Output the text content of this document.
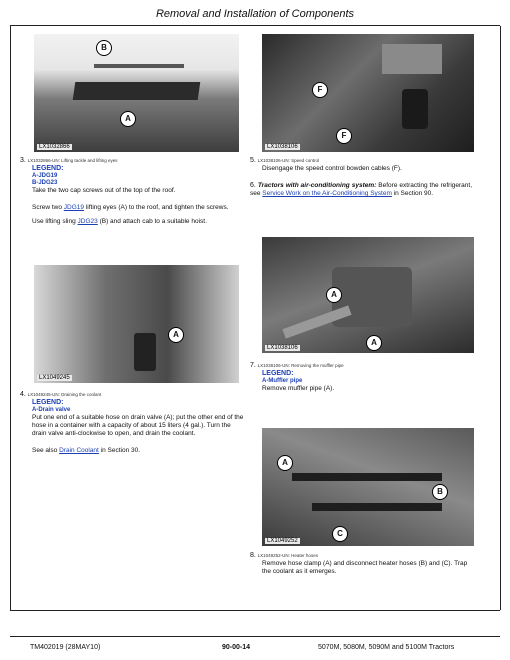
Removal and Installation of Components
B
A
LX1032866
F
F
LX1038106
3. LX1032866-UN: Lifting tackle and lifting eyes
LEGEND:
A-JDG19
B-JDG23
Take the two cap screws out of the top of the roof.
Screw two JDG19 lifting eyes (A) to the roof, and tighten the screws.
Use lifting sling JDG23 (B) and attach cab to a suitable hoist.
5. LX1038106-UN: Speed control
Disengage the speed control bowden cables (F).
6. Tractors with air-conditioning system: Before extracting the refrigerant, see Service Work on the Air-Conditioning System in Section 90.
A
LX1049245
A
A
LX1038106
7. LX1038106-UN: Removing the muffler pipe
LEGEND:
A-Muffler pipe
Remove muffler pipe (A).
4. LX1049245-UN: Draining the coolant
LEGEND:
A-Drain valve
Put one end of a suitable hose on drain valve (A); put the other end of the hose in a container with a capacity of about 15 liters (4 gal.). Turn the drain valve anti-clockwise to open, and drain the coolant.
See also Drain Coolant in Section 30.
A
B
C
LX1049252
8. LX1049252-UN: Heater hoses
Remove hose clamp (A) and disconnect heater hoses (B) and (C). Trap the coolant as it emerges.
TM402019 (28MAY10)	90-00-14	5070M, 5080M, 5090M and 5100M Tractors
